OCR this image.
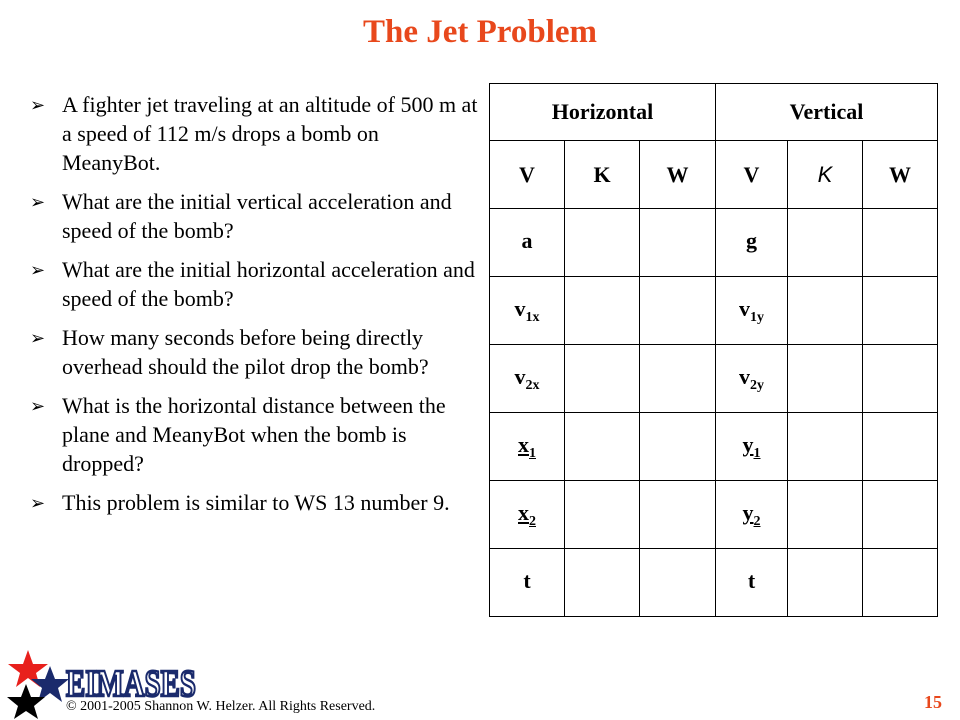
The Jet Problem
➢ A fighter jet traveling at an altitude of 500 m at a speed of 112 m/s drops a bomb on MeanyBot.
➢ What are the initial vertical acceleration and speed of the bomb?
➢ What are the initial horizontal acceleration and speed of the bomb?
➢ How many seconds before being directly overhead should the pilot drop the bomb?
➢ What is the horizontal distance between the plane and MeanyBot when the bomb is dropped?
➢ This problem is similar to WS 13 number 9.
Horizontal			Vertical		
V	K	W	V	K	W
a			g		
$v_{1x}$			$v_{1y}$		
$v_{2x}$			$v_{2y}$		
$x_1$			$y_1$		
$x_2$			$y_2$		
t			t		
EIMASES
© 2001-2005 Shannon W. Helzer. All Rights Reserved.	15
